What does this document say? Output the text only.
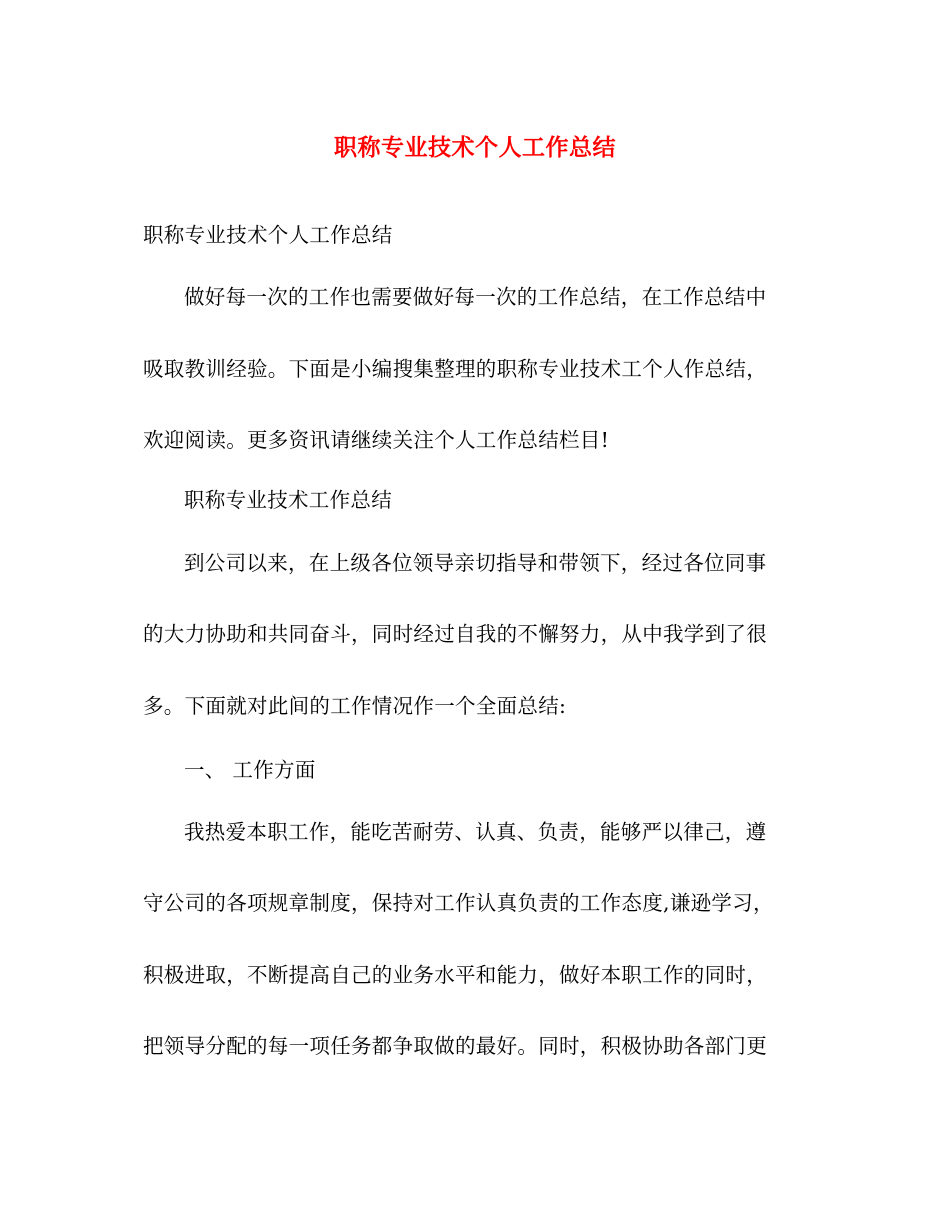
职称专业技术个人工作总结
职称专业技术个人工作总结
做好每一次的工作也需要做好每一次的工作总结，在工作总结中
吸取教训经验。下面是小编搜集整理的职称专业技术工个人作总结，
欢迎阅读。更多资讯请继续关注个人工作总结栏目!
职称专业技术工作总结
到公司以来，在上级各位领导亲切指导和带领下，经过各位同事
的大力协助和共同奋斗，同时经过自我的不懈努力，从中我学到了很
多。下面就对此间的工作情况作一个全面总结:
一、 工作方面
我热爱本职工作，能吃苦耐劳、认真、负责，能够严以律己，遵
守公司的各项规章制度，保持对工作认真负责的工作态度,谦逊学习，
积极进取，不断提高自己的业务水平和能力，做好本职工作的同时，
把领导分配的每一项任务都争取做的最好。同时，积极协助各部门更
